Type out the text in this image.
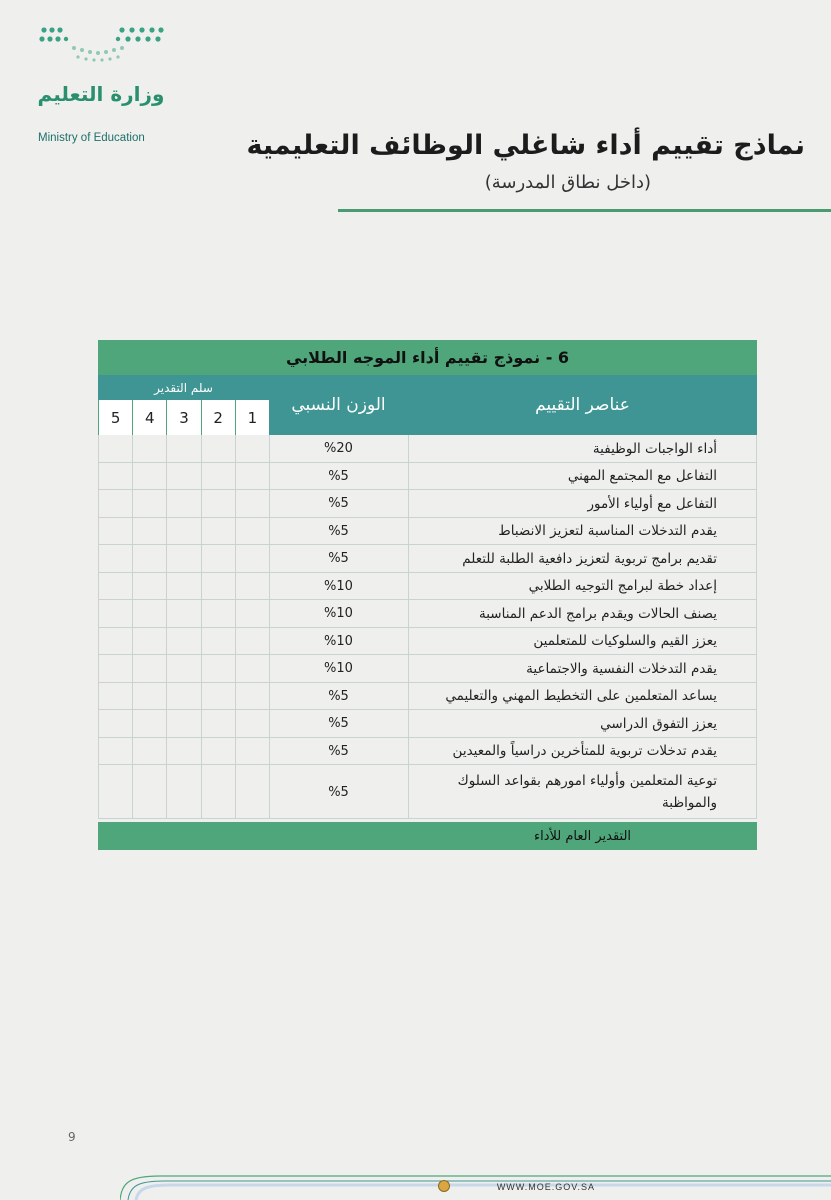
وزارة التعليم
Ministry of Education	نماذج تقييم أداء شاغلي الوظائف التعليمية
(داخل نطاق المدرسة)
6 - نموذج تقييم أداء الموجه الطلابي
عناصر التقييم
الوزن النسبي
سلم التقدير
أداء الواجبات الوظيفية
%20
التفاعل مع المجتمع المهني
%5
التفاعل مع أولياء الأمور
%5
يقدم التدخلات المناسبة لتعزيز الانضباط
%5
تقديم برامج تربوية لتعزيز دافعية الطلبة للتعلم
%5
إعداد خطة لبرامج التوجيه الطلابي
%10
يصنف الحالات ويقدم برامج الدعم المناسبة
%10
يعزز القيم والسلوكيات للمتعلمين
%10
يقدم التدخلات النفسية والاجتماعية
%10
يساعد المتعلمين على التخطيط المهني والتعليمي
%5
يعزز التفوق الدراسي
%5
يقدم تدخلات تربوية للمتأخرين دراسياً والمعيدين
%5
توعية المتعلمين وأولياء امورهم بقواعد السلوك والمواظبة
%5
التقدير العام للأداء
1
2
3
4
5
9
WWW.MOE.GOV.SA
